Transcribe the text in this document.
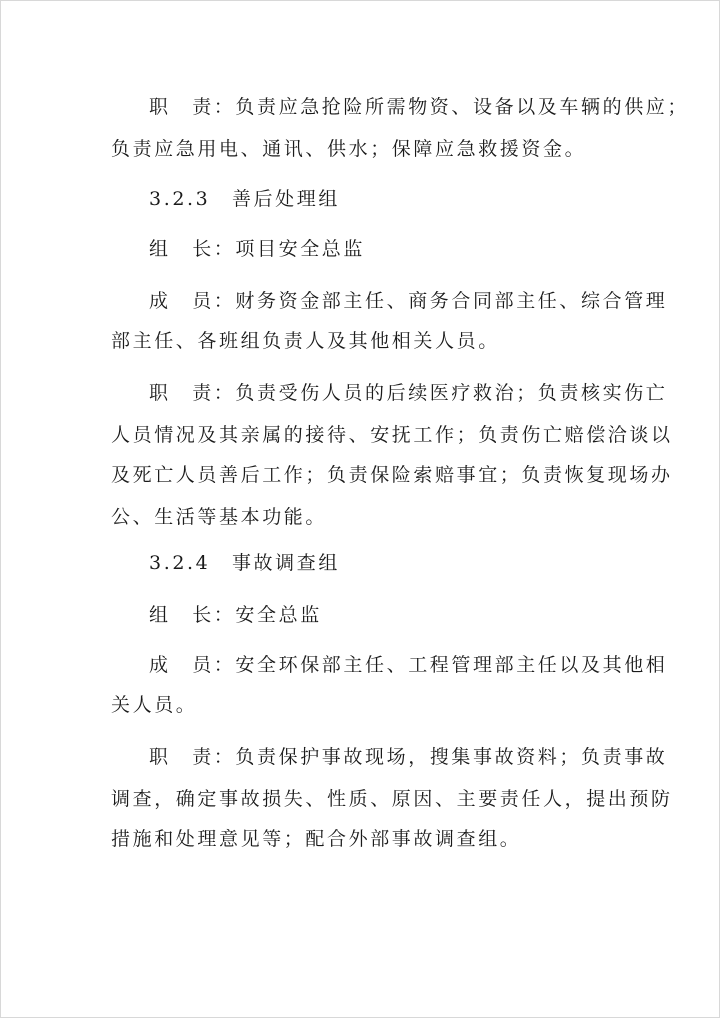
职　责：负责应急抢险所需物资、设备以及车辆的供应；
负责应急用电、通讯、供水；保障应急救援资金。
3.2.3　善后处理组
组　长：项目安全总监
成　员：财务资金部主任、商务合同部主任、综合管理
部主任、各班组负责人及其他相关人员。
职　责：负责受伤人员的后续医疗救治；负责核实伤亡
人员情况及其亲属的接待、安抚工作；负责伤亡赔偿洽谈以
及死亡人员善后工作；负责保险索赔事宜；负责恢复现场办
公、生活等基本功能。
3.2.4　事故调查组
组　长：安全总监
成　员：安全环保部主任、工程管理部主任以及其他相
关人员。
职　责：负责保护事故现场，搜集事故资料；负责事故
调查，确定事故损失、性质、原因、主要责任人，提出预防
措施和处理意见等；配合外部事故调查组。
